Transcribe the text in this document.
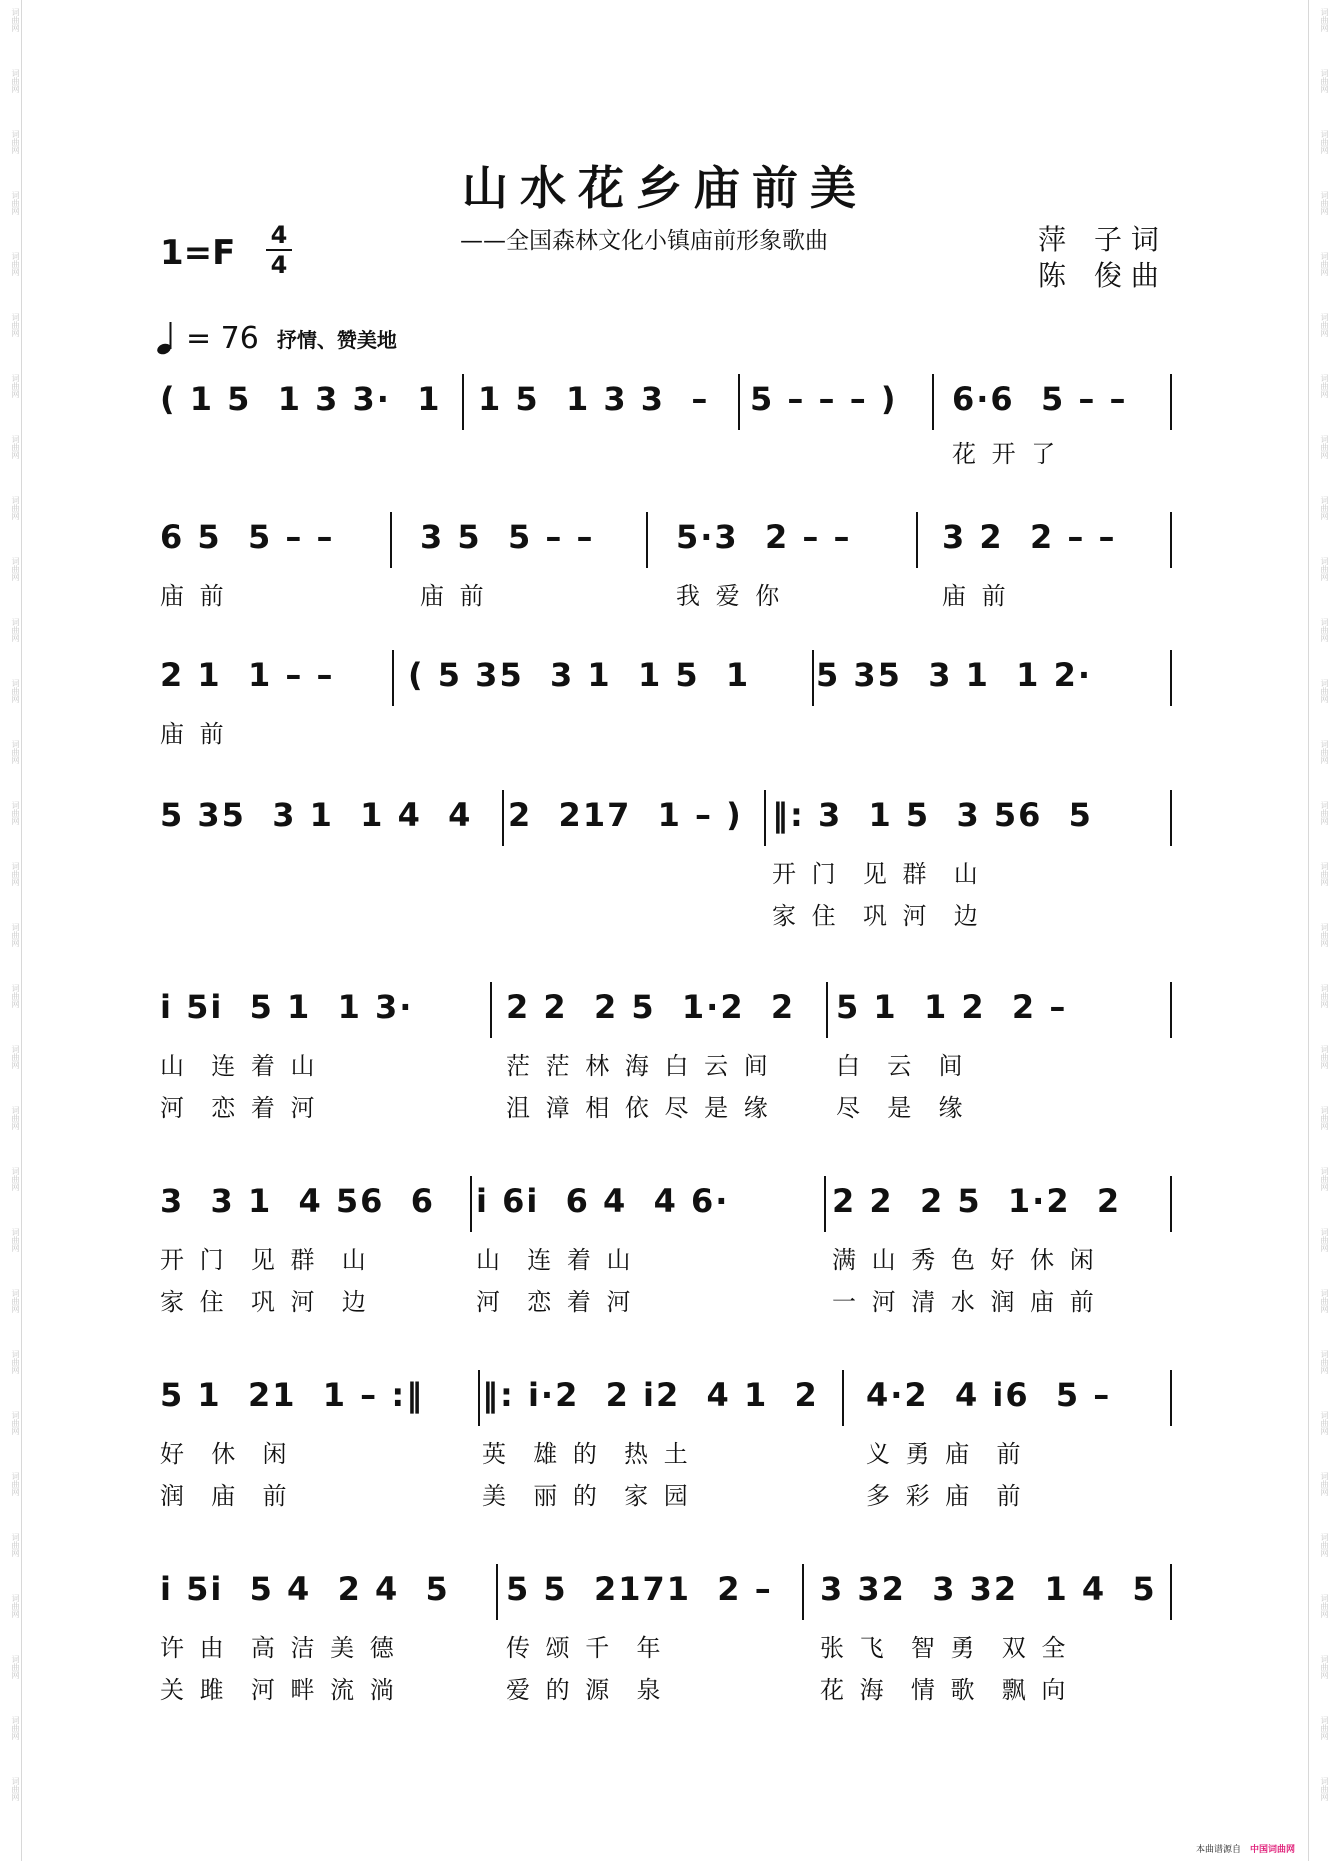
词曲网
词曲网
词曲网
词曲网
词曲网
词曲网
词曲网
词曲网
词曲网
词曲网
词曲网
词曲网
词曲网
词曲网
词曲网
词曲网
词曲网
词曲网
词曲网
词曲网
词曲网
词曲网
词曲网
词曲网
词曲网
词曲网
词曲网
词曲网
词曲网
词曲网
词曲网
词曲网
词曲网
词曲网
词曲网
词曲网
词曲网
词曲网
词曲网
词曲网
词曲网
词曲网
词曲网
词曲网
词曲网
词曲网
词曲网
词曲网
词曲网
词曲网
词曲网
词曲网
词曲网
词曲网
词曲网
词曲网
词曲网
词曲网
词曲网
词曲网
山水花乡庙前美
1=F 4
4
——全国森林文化小镇庙前形象歌曲	萍　子 词
陈　俊 曲
= 76 抒情、赞美地
( 1 5  1 3 3·  1 1 5  1 3 3  – 5 – – – ) 6·6  5 – –
花 开 了
6 5  5 – –	3 5  5 – –	5·3  2 – –	3 2  2 – –
庙 前	庙 前	我 爱 你	庙 前
2 1  1 – – ( 5 35  3 1  1 5  1 5 35  3 1  1 2·
庙 前
5 35  3 1  1 4  4 2  217  1 – ) ‖: 3  1 5  3 56  5
开 门  见 群  山
家 住  巩 河  边
i 5i  5 1  1 3·	2 2  2 5  1·2  2 5 1  1 2  2 –
山  连 着 山	茫 茫 林 海 白 云 间	白  云  间
河  恋 着 河	沮 漳 相 依 尽 是 缘	尽  是  缘
3  3 1  4 56  6 i 6i  6 4  4 6·	2 2  2 5  1·2  2
开 门  见 群  山	山  连 着 山	满 山 秀 色 好 休 闲
家 住  巩 河  边	河  恋 着 河	一 河 清 水 润 庙 前
5 1  21  1 – :‖ ‖: i·2  2 i2  4 1  2 4·2  4 i6  5 –
好  休  闲	英  雄 的  热 土	义 勇 庙  前
润  庙  前	美  丽 的  家 园	多 彩 庙  前
i 5i  5 4  2 4  5 5 5  2171  2 – 3 32  3 32  1 4  5
许 由  高 洁 美 德	传 颂 千  年	张 飞  智 勇  双 全
关 雎  河 畔 流 淌	爱 的 源  泉	花 海  情 歌  飘 向
本曲谱源自 中国词曲网
